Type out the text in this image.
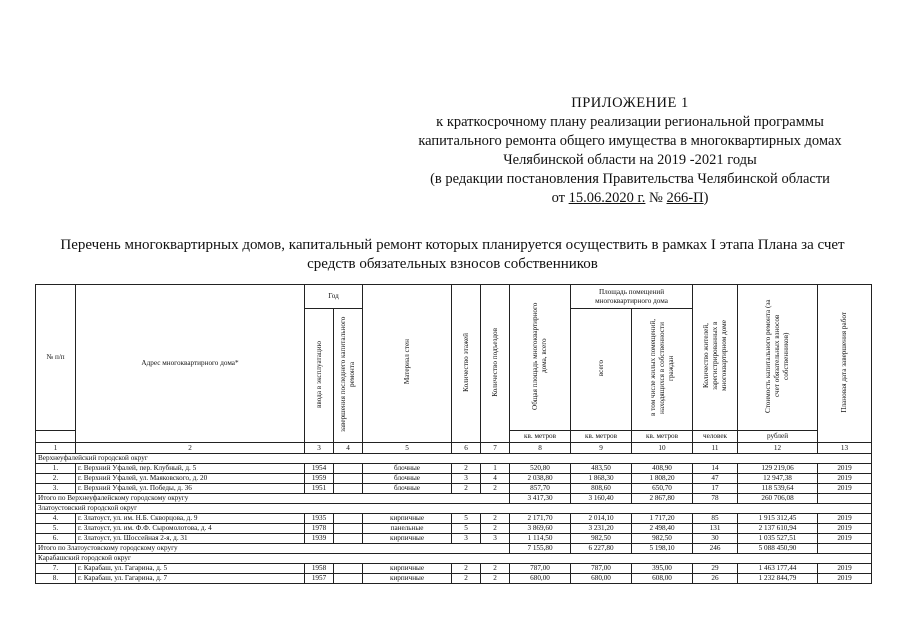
ПРИЛОЖЕНИЕ 1
к краткосрочному плану реализации региональной программы
капитального ремонта общего имущества в многоквартирных домах
Челябинской области на 2019 -2021 годы
(в редакции постановления Правительства Челябинской области
от 15.06.2020 г. № 266-П)
Перечень многоквартирных домов, капитальный ремонт которых планируется осуществить в рамках I этапа Плана за счет
средств обязательных взносов собственников
№ п/п	Адрес многоквартирного дома*	Год		Материал стен	Количество этажей	Количество подъездов	Общая площадь многоквартирного дома, всего	Площадь помещений многоквартирного дома		Количество жителей, зарегистрированных в многоквартирном доме	Стоимость капитального ремонта (за счет обязательных взносов собственников)	Плановая дата завершения работ
		ввода в эксплуатацию	завершения последнего капитального ремонта					всего	в том числе жилых помещений, находящихся в собственности граждан			
							кв. метров	кв. метров	кв. метров	человек	рублей	
1	2	3	4	5	6	7	8	9	10	11	12	13
Верхнеуфалейский городской округ												
1.	г. Верхний Уфалей, пер. Клубный, д. 5	1954		блочные	2	1	520,80	483,50	408,90	14	129 219,06	2019
2.	г. Верхний Уфалей, ул. Маяковского, д. 20	1959		блочные	3	4	2 038,80	1 868,30	1 808,20	47	12 947,38	2019
3.	г. Верхний Уфалей, ул. Победы, д. 36	1951		блочные	2	2	857,70	808,60	650,70	17	118 539,64	2019
Итого по Верхнеуфалейскому городскому округу							3 417,30	3 160,40	2 867,80	78	260 706,08	
Златоустовский городской округ												
4.	г. Златоуст, ул. им. Н.Б. Скворцова, д. 9	1935		кирпичные	5	2	2 171,70	2 014,10	1 717,20	85	1 915 312,45	2019
5.	г. Златоуст, ул. им. Ф.Ф. Сыромолотова, д. 4	1978		панельные	5	2	3 869,60	3 231,20	2 498,40	131	2 137 610,94	2019
6.	г. Златоуст, ул. Шоссейная 2-я, д. 31	1939		кирпичные	3	3	1 114,50	982,50	982,50	30	1 035 527,51	2019
Итого по Златоустовскому городскому округу							7 155,80	6 227,80	5 198,10	246	5 088 450,90	
Карабашский городской округ												
7.	г. Карабаш, ул. Гагарина, д. 5	1958		кирпичные	2	2	787,00	787,00	395,00	29	1 463 177,44	2019
8.	г. Карабаш, ул. Гагарина, д. 7	1957		кирпичные	2	2	680,00	680,00	608,00	26	1 232 844,79	2019
